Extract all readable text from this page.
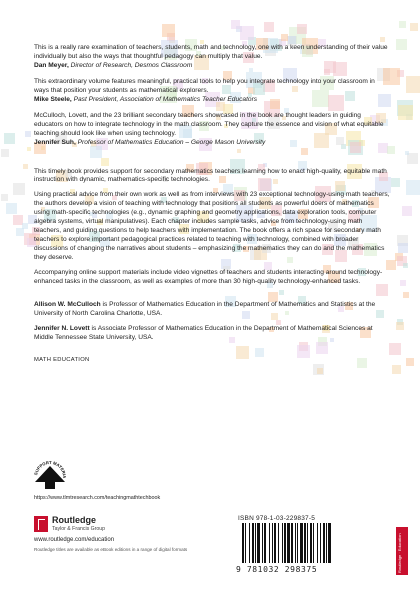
This is a really rare examination of teachers, students, math and technology, one with a keen understanding of their value individually but also the ways that thoughtful pedagogy can multiply that value.

Dan Meyer, Director of Research, Desmos Classroom

This extraordinary volume features meaningful, practical tools to help you integrate technology into your classroom in ways that position your students as mathematical explorers.

Mike Steele, Past President, Association of Mathematics Teacher Educators

McCulloch, Lovett, and the 23 brilliant secondary teachers showcased in the book are thought leaders in guiding educators on how to integrate technology in the math classroom. They capture the essence and vision of what equitable teaching should look like when using technology.

Jennifer Suh, Professor of Mathematics Education – George Mason University

This timely book provides support for secondary mathematics teachers learning how to enact high-quality, equitable math instruction with dynamic, mathematics-specific technologies.

Using practical advice from their own work as well as from interviews with 23 exceptional technology-using math teachers, the authors develop a vision of teaching with technology that positions all students as powerful doers of mathematics using math-specific technologies (e.g., dynamic graphing and geometry applications, data exploration tools, computer algebra systems, virtual manipulatives). Each chapter includes sample tasks, advice from technology-using math teachers, and guiding questions to help teachers with implementation. The book offers a rich space for secondary math teachers to explore important pedagogical practices related to teaching with technology, combined with broader discussions of changing the narratives about students – emphasizing the mathematics they can do and the mathematics they deserve.

Accompanying online support materials include video vignettes of teachers and students interacting around technology-enhanced tasks in the classroom, as well as examples of more than 30 high-quality technology-enhanced tasks.

Allison W. McCulloch is Professor of Mathematics Education in the Department of Mathematics and Statistics at the University of North Carolina Charlotte, USA.

Jennifer N. Lovett is Associate Professor of Mathematics Education in the Department of Mathematical Sciences at Middle Tennessee State University, USA.

MATH EDUCATION
SUPPORT MATERIA
https://www.tlmtresearch.com/teachingmathtechbook
Routledge
Taylor & Francis Group
www.routledge.com/education
Routledge titles are available as eBook editions in a range of digital formats
ISBN 978-1-03-229837-5
9 781032 298375	Routledge · Education
